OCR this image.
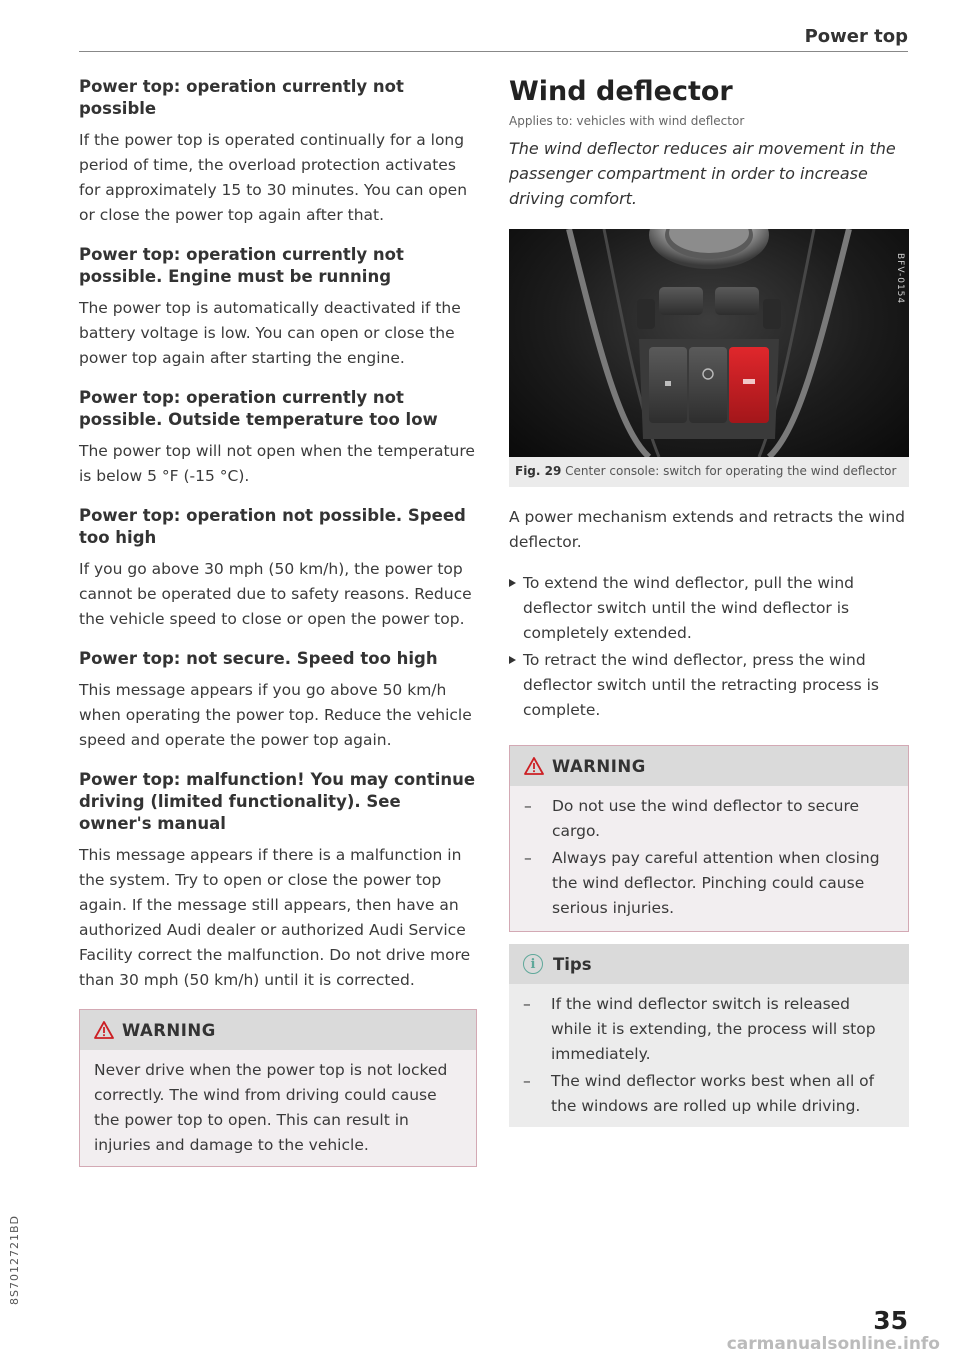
Power top
Power top: operation currently not possible

If the power top is operated continually for a long period of time, the overload protection activates for approximately 15 to 30 minutes. You can open or close the power top again after that.

Power top: operation currently not possible. Engine must be running

The power top is automatically deactivated if the battery voltage is low. You can open or close the power top again after starting the engine.

Power top: operation currently not possible. Outside temperature too low

The power top will not open when the temperature is below 5 °F (-15 °C).

Power top: operation not possible. Speed too high

If you go above 30 mph (50 km/h), the power top cannot be operated due to safety reasons. Reduce the vehicle speed to close or open the power top.

Power top: not secure. Speed too high

This message appears if you go above 50 km/h when operating the power top. Reduce the vehicle speed and operate the power top again.

Power top: malfunction! You may continue driving (limited functionality). See owner's manual

This message appears if there is a malfunction in the system. Try to open or close the power top again. If the message still appears, then have an authorized Audi dealer or authorized Audi Service Facility correct the malfunction. Do not drive more than 30 mph (50 km/h) until it is corrected.

WARNING

Never drive when the power top is not locked correctly. The wind from driving could cause the power top to open. This can result in injuries and damage to the vehicle.

Wind deflector
Applies to: vehicles with wind deflector

The wind deflector reduces air movement in the passenger compartment in order to increase driving comfort.

BFV-0154
Fig. 29 Center console: switch for operating the wind deflector

A power mechanism extends and retracts the wind deflector.

To extend the wind deflector, pull the wind deflector switch until the wind deflector is completely extended.
To retract the wind deflector, press the wind deflector switch until the retracting process is complete.
WARNING
–	Do not use the wind deflector to secure cargo.
–	Always pay careful attention when closing the wind deflector. Pinching could cause serious injuries.
i	Tips
–	If the wind deflector switch is released while it is extending, the process will stop immediately.
–	The wind deflector works best when all of the windows are rolled up while driving.
8S7012721BD
35
carmanualsonline.info
